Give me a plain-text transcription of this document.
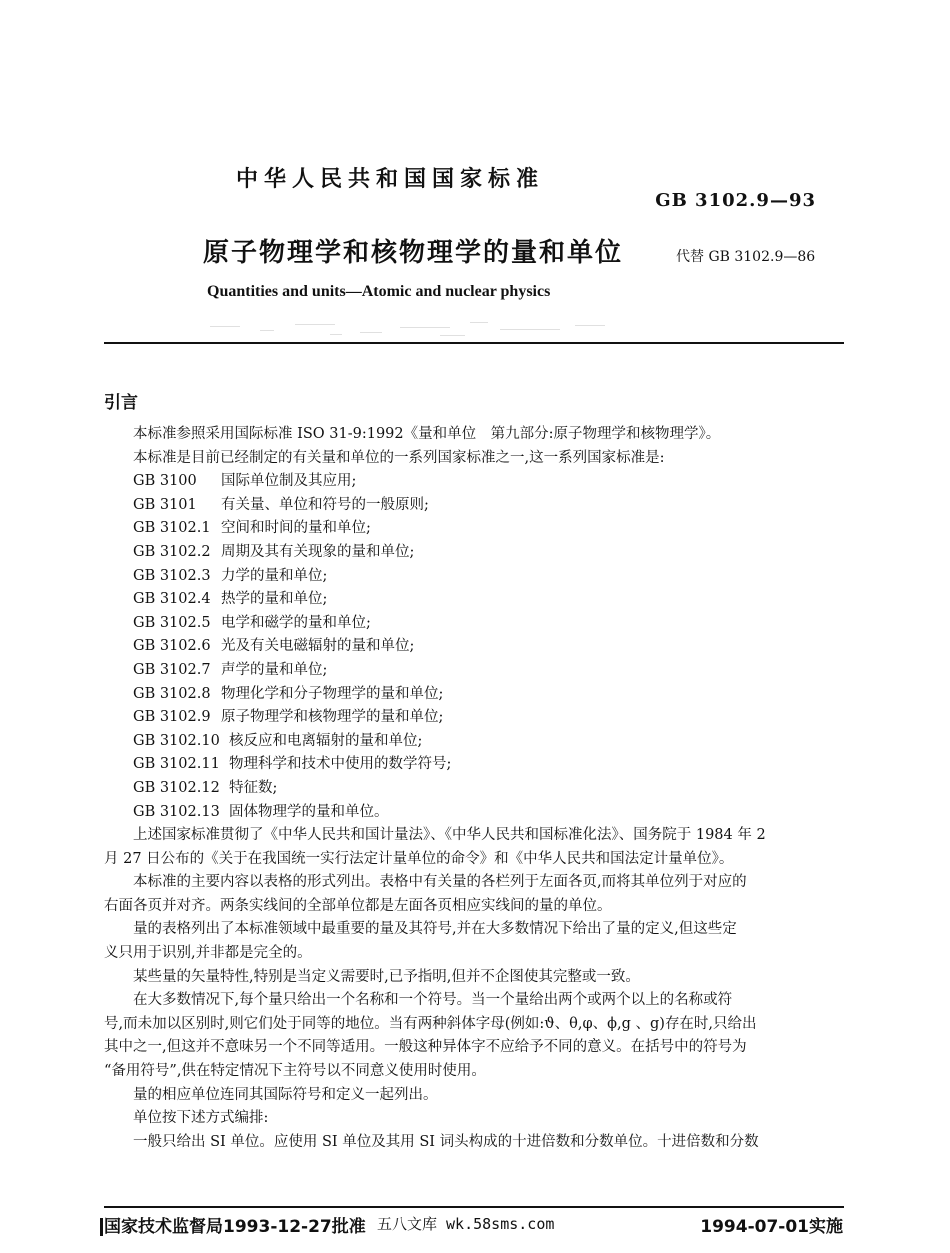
中华人民共和国国家标准
GB 3102.9—93
原子物理学和核物理学的量和单位	代替 GB 3102.9—86
Quantities and units—Atomic and nuclear physics
引言

本标准参照采用国际标准 ISO 31-9:1992《量和单位　第九部分:原子物理学和核物理学》。

本标准是目前已经制定的有关量和单位的一系列国家标准之一,这一系列国家标准是:

GB 3100 国际单位制及其应用;

GB 3101 有关量、单位和符号的一般原则;

GB 3102.1 空间和时间的量和单位;

GB 3102.2 周期及其有关现象的量和单位;

GB 3102.3 力学的量和单位;

GB 3102.4 热学的量和单位;

GB 3102.5 电学和磁学的量和单位;

GB 3102.6 光及有关电磁辐射的量和单位;

GB 3102.7 声学的量和单位;

GB 3102.8 物理化学和分子物理学的量和单位;

GB 3102.9 原子物理学和核物理学的量和单位;

GB 3102.10 核反应和电离辐射的量和单位;

GB 3102.11 物理科学和技术中使用的数学符号;

GB 3102.12 特征数;

GB 3102.13 固体物理学的量和单位。

上述国家标准贯彻了《中华人民共和国计量法》、《中华人民共和国标准化法》、国务院于 1984 年 2

月 27 日公布的《关于在我国统一实行法定计量单位的命令》和《中华人民共和国法定计量单位》。

本标准的主要内容以表格的形式列出。表格中有关量的各栏列于左面各页,而将其单位列于对应的

右面各页并对齐。两条实线间的全部单位都是左面各页相应实线间的量的单位。

量的表格列出了本标准领域中最重要的量及其符号,并在大多数情况下给出了量的定义,但这些定

义只用于识别,并非都是完全的。

某些量的矢量特性,特别是当定义需要时,已予指明,但并不企图使其完整或一致。

在大多数情况下,每个量只给出一个名称和一个符号。当一个量给出两个或两个以上的名称或符

号,而未加以区别时,则它们处于同等的地位。当有两种斜体字母(例如:ϑ、θ,φ、ϕ,g 、g)存在时,只给出

其中之一,但这并不意味另一个不同等适用。一般这种异体字不应给予不同的意义。在括号中的符号为

“备用符号”,供在特定情况下主符号以不同意义使用时使用。

量的相应单位连同其国际符号和定义一起列出。

单位按下述方式编排:

一般只给出 SI 单位。应使用 SI 单位及其用 SI 词头构成的十进倍数和分数单位。十进倍数和分数

国家技术监督局1993-12-27批准 五八文库 wk.58sms.com	1994-07-01实施
